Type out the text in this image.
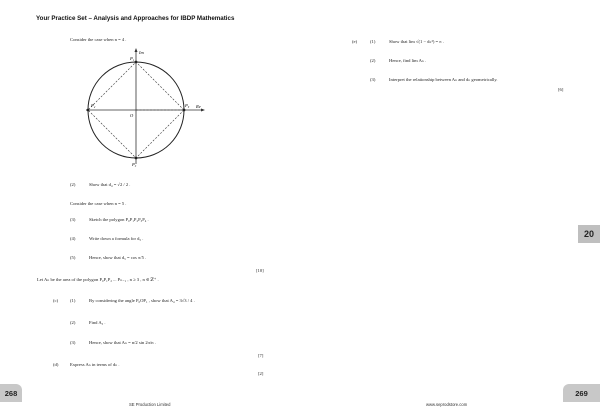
Your Practice Set – Analysis and Approaches for IBDP Mathematics
Consider the case when n = 4 .
Im
Re
P₀
P₁
P₂
P₃
O
(2)	Show that d₄ = √2 / 2 .
Consider the case when n = 5 .
(3)	Sketch the polygon P₀P₁P₂P₃P₄ .
(4)	Write down a formula for d₅ .
(5)	Hence, show that d₅ = cos π/5 .
[10]
Let Aₙ be the area of the polygon P₀P₁P₂ ... Pₙ₋₁ , n ≥ 3 , n ∈ ℤ⁺ .
(c)	(1)	By considering the angle P₀OP₁ , show that A₄ = 3√3 / 4 .
(2)	Find A₅ .
(3)	Hence, show that Aₙ = n/2 sin 2π/n .
[7]
(d)	Express Aₙ in terms of dₙ .
[2]
(e)	(1)	Show that lim √(1 − dₙ²) = π .
(2)	Hence, find lim Aₙ .
(3)	Interpret the relationship between Aₙ and dₙ geometrically.
[6]
20
268	269
SE Production Limited	www.seprodstore.com
